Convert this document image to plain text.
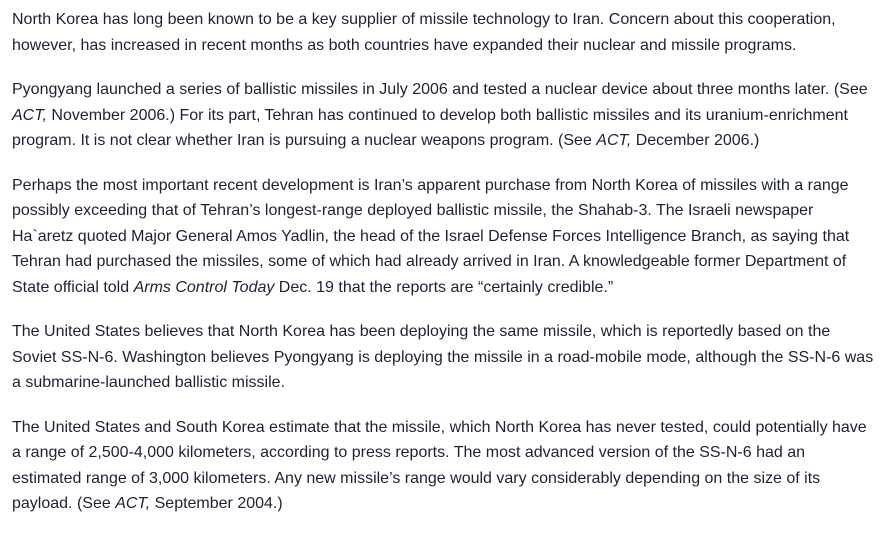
North Korea has long been known to be a key supplier of missile technology to Iran. Concern about this cooperation, however, has increased in recent months as both countries have expanded their nuclear and missile programs.

Pyongyang launched a series of ballistic missiles in July 2006 and tested a nuclear device about three months later. (See ACT, November 2006.) For its part, Tehran has continued to develop both ballistic missiles and its uranium-enrichment program. It is not clear whether Iran is pursuing a nuclear weapons program. (See ACT, December 2006.)

Perhaps the most important recent development is Iran’s apparent purchase from North Korea of missiles with a range possibly exceeding that of Tehran’s longest-range deployed ballistic missile, the Shahab-3. The Israeli newspaper Ha`aretz quoted Major General Amos Yadlin, the head of the Israel Defense Forces Intelligence Branch, as saying that Tehran had purchased the missiles, some of which had already arrived in Iran. A knowledgeable former Department of State official told Arms Control Today Dec. 19 that the reports are “certainly credible.”

The United States believes that North Korea has been deploying the same missile, which is reportedly based on the Soviet SS-N-6. Washington believes Pyongyang is deploying the missile in a road-mobile mode, although the SS-N-6 was a submarine-launched ballistic missile.

The United States and South Korea estimate that the missile, which North Korea has never tested, could potentially have a range of 2,500-4,000 kilometers, according to press reports. The most advanced version of the SS-N-6 had an estimated range of 3,000 kilometers. Any new missile’s range would vary considerably depending on the size of its payload. (See ACT, September 2004.)
